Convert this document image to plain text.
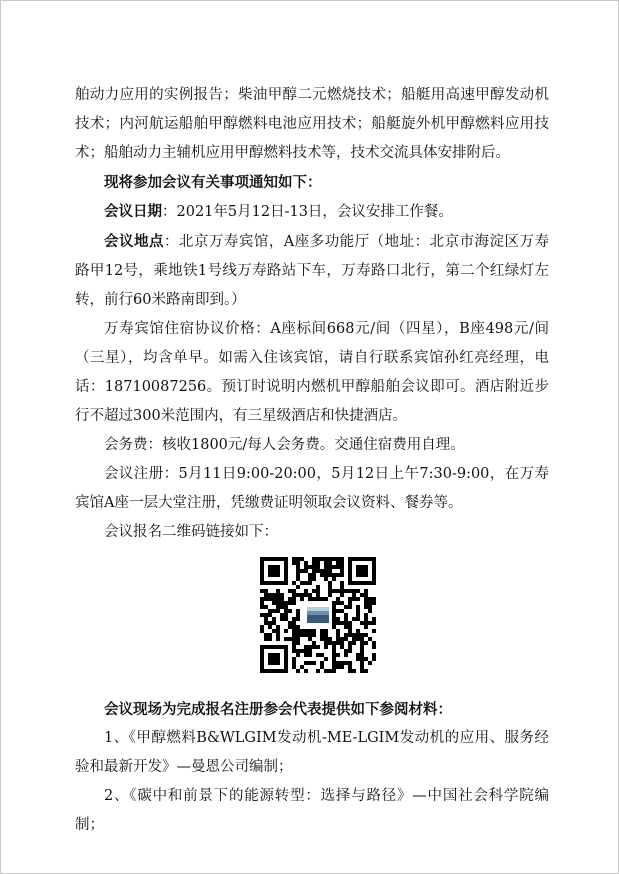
舶动力应用的实例报告；柴油甲醇二元燃烧技术；船艇用高速甲醇发动机技术；内河航运船舶甲醇燃料电池应用技术；船艇旋外机甲醇燃料应用技术；船舶动力主辅机应用甲醇燃料技术等，技术交流具体安排附后。

现将参加会议有关事项通知如下：

会议日期：2021年5月12日-13日，会议安排工作餐。

会议地点：北京万寿宾馆，A座多功能厅（地址：北京市海淀区万寿路甲12号，乘地铁1号线万寿路站下车，万寿路口北行，第二个红绿灯左转，前行60米路南即到。）

万寿宾馆住宿协议价格：A座标间668元/间（四星），B座498元/间（三星），均含单早。如需入住该宾馆，请自行联系宾馆孙红亮经理，电话：18710087256。预订时说明内燃机甲醇船舶会议即可。酒店附近步行不超过300米范围内，有三星级酒店和快捷酒店。

会务费：核收1800元/每人会务费。交通住宿费用自理。

会议注册：5月11日9:00-20:00，5月12日上午7:30-9:00，在万寿宾馆A座一层大堂注册，凭缴费证明领取会议资料、餐券等。

会议报名二维码链接如下：

会议现场为完成报名注册参会代表提供如下参阅材料：

1、《甲醇燃料B&WLGIM发动机-ME-LGIM发动机的应用、服务经验和最新开发》—曼恩公司编制；

2、《碳中和前景下的能源转型：选择与路径》—中国社会科学院编制；
